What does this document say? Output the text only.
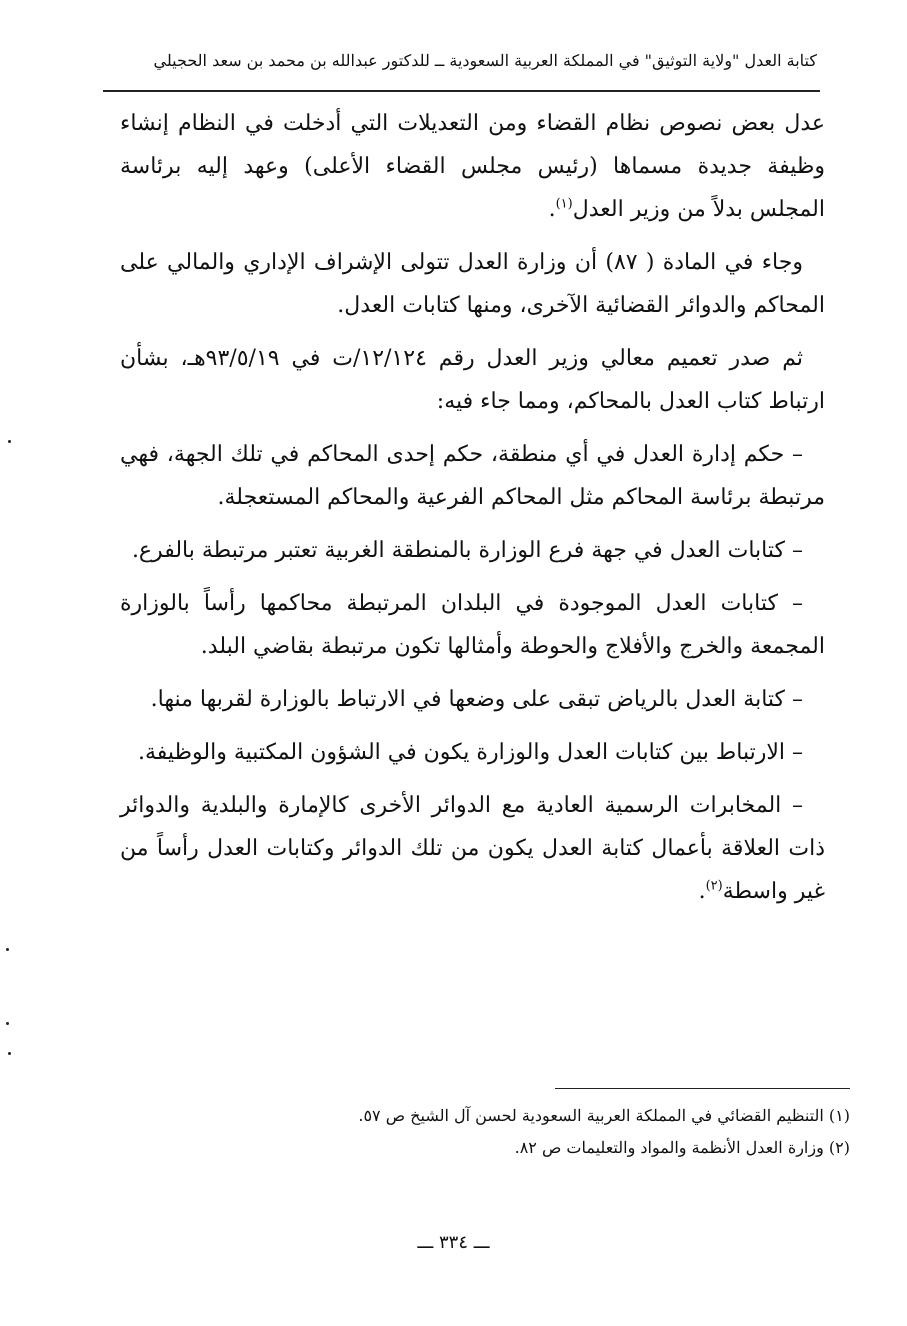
كتابة العدل "ولاية التوثيق" في المملكة العربية السعودية ــ للدكتور عبدالله بن محمد بن سعد الحجيلي

عدل بعض نصوص نظام القضاء ومن التعديلات التي أدخلت في النظام إنشاء وظيفة جديدة مسماها (رئيس مجلس القضاء الأعلى) وعهد إليه برئاسة المجلس بدلاً من وزير العدل$^{(١)}$.

وجاء في المادة ( ٨٧) أن وزارة العدل تتولى الإشراف الإداري والمالي على المحاكم والدوائر القضائية الآخرى، ومنها كتابات العدل.

ثم صدر تعميم معالي وزير العدل رقم ١٢/١٢٤/ت في ٩٣/٥/١٩هـ، بشأن ارتباط كتاب العدل بالمحاكم، ومما جاء فيه:

– حكم إدارة العدل في أي منطقة، حكم إحدى المحاكم في تلك الجهة، فهي مرتبطة برئاسة المحاكم مثل المحاكم الفرعية والمحاكم المستعجلة.

– كتابات العدل في جهة فرع الوزارة بالمنطقة الغربية تعتبر مرتبطة بالفرع.

– كتابات العدل الموجودة في البلدان المرتبطة محاكمها رأساً بالوزارة المجمعة والخرج والأفلاج والحوطة وأمثالها تكون مرتبطة بقاضي البلد.

– كتابة العدل بالرياض تبقى على وضعها في الارتباط بالوزارة لقربها منها.

– الارتباط بين كتابات العدل والوزارة يكون في الشؤون المكتبية والوظيفة.

– المخابرات الرسمية العادية مع الدوائر الأخرى كالإمارة والبلدية والدوائر ذات العلاقة بأعمال كتابة العدل يكون من تلك الدوائر وكتابات العدل رأساً من غير واسطة$^{(٢)}$.

(١) التنظيم القضائي في المملكة العربية السعودية لحسن آل الشيخ ص ٥٧.

(٢) وزارة العدل الأنظمة والمواد والتعليمات ص ٨٢.

ـــ ٣٣٤ ـــ
